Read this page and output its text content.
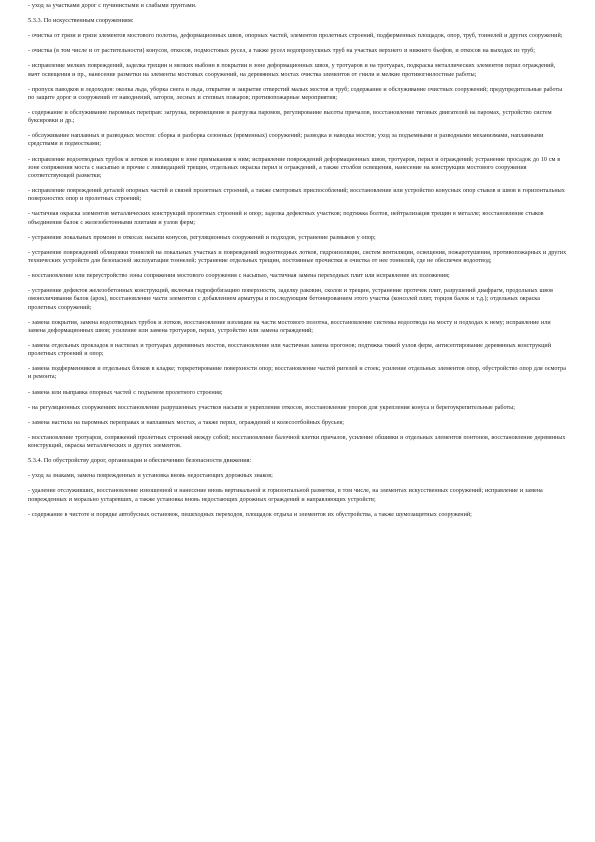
- уход за участками дорог с пучинистыми и слабыми грунтами.

5.3.3. По искусственным сооружениям:

- очистка от грязи и грязи элементов мостового полотна, деформационных швов, опорных частей, элементов пролетных строений, подферменных площадок, опор, труб, тоннелей и других сооружений;

- очистка (в том числе и от растительности) конусов, откосов, подмостовых русел, а также русел водопропускных труб на участках верхнего и нижнего бьефов, и откосов на выходах из труб;

- исправление мелких повреждений, заделка трещин и мелких выбоин в покрытии в зоне деформационных швов, у тротуаров и на тротуарах, подкраска металлических элементов перил ограждений, мачт освещения и пр., нанесение разметки на элементы мостовых сооружений, на деревянных мостах очистка элементов от гнили и мелкие противогнилостные работы;

- пропуск паводков и ледоходов: околка льда, уборка снега и льда, открытие и закрытие отверстий малых мостов и труб; содержание и обслуживание очистных сооружений; предупредительные работы по защите дорог и сооружений от наводнений, заторов, лесных и степных пожаров; противопожарные мероприятия;

- содержание и обслуживание паромных переправ: загрузка, перемещение и разгрузка паромов, регулирование высоты причалов, восстановление тяговых двигателей на паромах, устройство систем буксировки и др.;

- обслуживание наплавных и разводных мостов: сборка и разборка сезонных (временных) сооружений; разводка и наводка мостов; уход за подъемными и разводными механизмами, наплавными средствами и подмостками;

- исправление водоотводных трубок и лотков и изоляции в зоне примыкания к ним; исправление повреждений деформационных швов, тротуаров, перил и ограждений; устранение просадок до 10 см в зоне сопряжения моста с насыпью и прочие с ликвидацией трещин, отдельных окраска перил и ограждений, а также столбов освещения, нанесение на конструкции мостового сооружения соответствующей разметки;

- исправление повреждений деталей опорных частей и связей пролетных строений, а также смотровых приспособлений; восстановление или устройство конусных опор стыков и швов в горизонтальных поверхностях опор и пролетных строений;

- частичная окраска элементов металлических конструкций пролетных строений и опор; заделка дефектных участков; подтяжка болтов, нейтрализация трещин в металле; восстановление стыков объединения балок с железобетонными плитами и узлов ферм;

- устранение локальных промоин в откосах насыпи конусов, регуляционных сооружений и подходов, устранение размывов у опор;

- устранение повреждений облицовки тоннелей на локальных участках и повреждений водоотводных лотков, гидроизоляции, систем вентиляции, освещения, пожаротушения, противопожарных и других технических устройств для безопасной эксплуатации тоннелей; устранение отдельных трещин, постоянные прочистки и очистка от нее тоннелей, где не обеспечен водоотвод;

- восстановление или переустройство зоны сопряжения мостового сооружения с насыпью, частичная замена переходных плит или исправление их положения;

- устранение дефектов железобетонных конструкций, включая гидрофобизацию поверхности, заделку раковин, сколов и трещин, устранение протечек плит, разрушений диафрагм, продольных швов омоноличивания балок (арок), восстановление части элементов с добавлением арматуры и последующим бетонированием этого участка (консолей плит, торцов балок и т.д.); отдельных окраска пролетных сооружений;

- замена покрытия, замена водоотводных трубок и лотков, восстановление изоляции на части мостового полотна, восстановление системы водоотвода на мосту и подходах к нему; исправление или замена деформационных швов; усиление или замена тротуаров, перил, устройство или замена ограждений;

- замена отдельных прокладок в настилах и тротуарах деревянных мостов, восстановление или частичная замена прогонов; подтяжка тяжей узлов ферм, антисептирование деревянных конструкций пролетных строений и опор;

- замена подферменников и отдельных блоков в кладке; торкретирование поверхности опор; восстановление частей ригелей и стоек; усиление отдельных элементов опор, обустройство опор для осмотра и ремонта;

- замена или выправка опорных частей с подъемом пролетного строения;

- на регуляционных сооружениях восстановление разрушенных участков насыпи и укрепления откосов, восстановление упоров для укрепления конуса и берегоукрепительные работы;

- замена настила на паромных переправах и наплавных мостах, а также перил, ограждений и колесоотбойных брусьев;

- восстановление тротуаров, сопряжений пролетных строений между собой; восстановление балочной клетки причалов, усиление обшивки и отдельных элементов понтонов, восстановление деревянных конструкций, окраска металлических и других элементов.

5.3.4. По обустройству дорог, организации и обеспечению безопасности движения:

- уход за знаками, замена поврежденных и установка вновь недостающих дорожных знаков;

- удаление отслуживших, восстановление изношенной и нанесение вновь вертикальной и горизонтальной разметки, в том числе, на элементах искусственных сооружений; исправление и замена поврежденных и морально устаревших, а также установка вновь недостающих дорожных ограждений и направляющих устройств;

- содержание в чистоте и порядке автобусных остановок, пешеходных переходов, площадок отдыха и элементов их обустройства, а также шумозащитных сооружений;
